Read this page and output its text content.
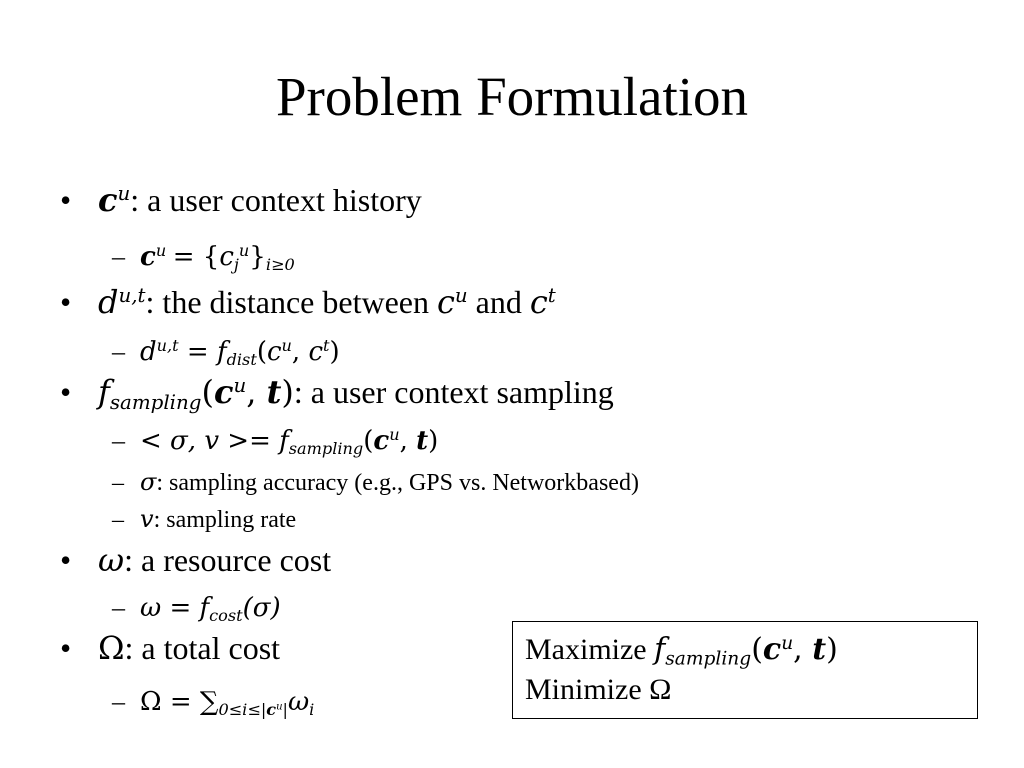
Problem Formulation
• $c^u$: a user context history
– $c^u = \{c_j^u\}_{i\ge 0}$
• $d^{u,t}$: the distance between $c^u$ and $c^t$
– $d^{u,t} = f_{dist}(c^u$, $c^t$)
• $f_{sampling}(c^u$, t): a user context sampling
– < σ, $v >= f_{sampling}(c^u$, t)
– σ: sampling accuracy (e.g., GPS vs. Networkbased)
– v: sampling rate
• ω: a resource cost
– $\omega = f_{cost}(\sigma)$
• Ω: a total cost
– $\Omega = \sum_{0\le i\le|c^u|}\omega_i$
Maximize $f_{sampling}(c^u$, t)
Minimize Ω
